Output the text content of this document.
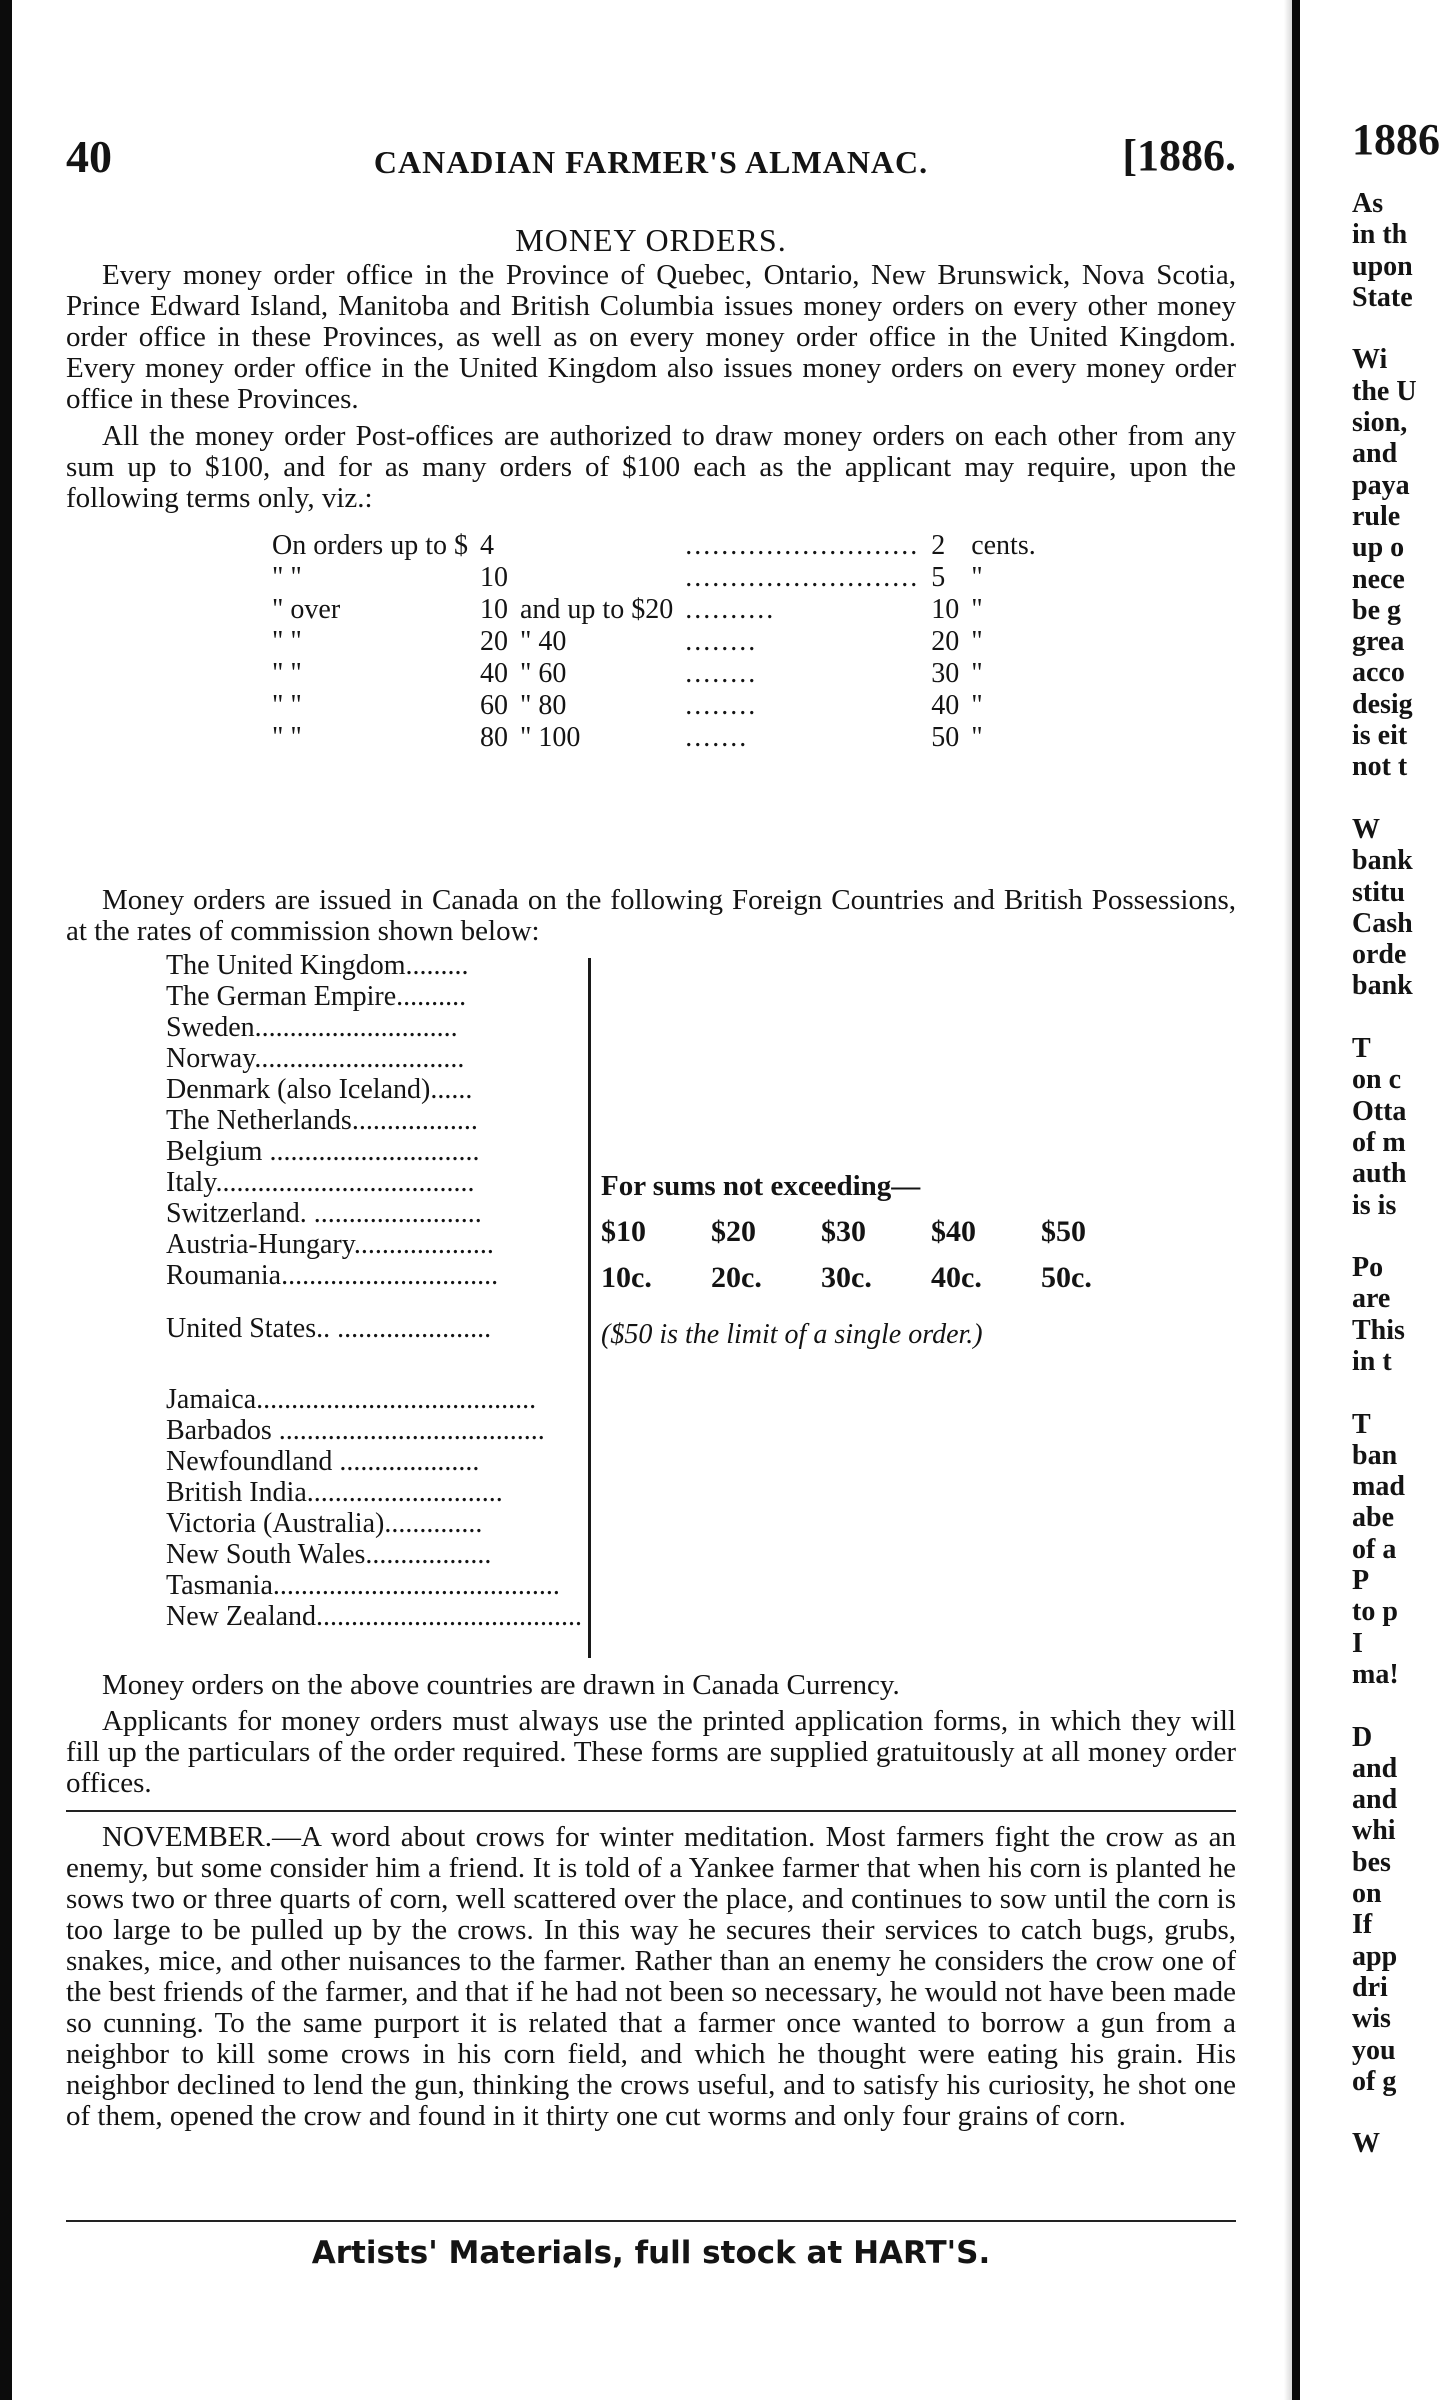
40	CANADIAN FARMER'S ALMANAC.	[1886.
MONEY ORDERS.

Every money order office in the Province of Quebec, Ontario, New Brunswick, Nova Scotia, Prince Edward Island, Manitoba and British Columbia issues money orders on every other money order office in these Provinces, as well as on every money order office in the United Kingdom. Every money order office in the United Kingdom also issues money orders on every money order office in these Provinces.

All the money order Post-offices are authorized to draw money orders on each other from any sum up to $100, and for as many orders of $100 each as the applicant may require, upon the following terms only, viz.:

On orders up to $	4		..........................	2	cents.
" "	10		..........................	5	"
" over	10	and up to $20	..........	10	"
" "	20	" 40	........	20	"
" "	40	" 60	........	30	"
" "	60	" 80	........	40	"
" "	80	" 100	.......	50	"

Money orders are issued in Canada on the following Foreign Countries and British Possessions, at the rates of commission shown below:

The United Kingdom.........
The German Empire..........
Sweden.............................
Norway..............................
Denmark (also Iceland)......
The Netherlands..................
Belgium ..............................
Italy.....................................
Switzerland. ........................
Austria-Hungary....................
Roumania...............................
United States.. ......................
Jamaica........................................
Barbados ......................................
Newfoundland ....................
British India............................
Victoria (Australia)..............
New South Wales..................
Tasmania.........................................
New Zealand......................................
For sums not exceeding—
$10	$20	$30	$40	$50
10c.	20c.	30c.	40c.	50c.
($50 is the limit of a single order.)

Money orders on the above countries are drawn in Canada Currency.

Applicants for money orders must always use the printed application forms, in which they will fill up the particulars of the order required. These forms are supplied gratuitously at all money order offices.

NOVEMBER.—A word about crows for winter meditation. Most farmers fight the crow as an enemy, but some consider him a friend. It is told of a Yankee farmer that when his corn is planted he sows two or three quarts of corn, well scattered over the place, and continues to sow until the corn is too large to be pulled up by the crows. In this way he secures their services to catch bugs, grubs, snakes, mice, and other nuisances to the farmer. Rather than an enemy he considers the crow one of the best friends of the farmer, and that if he had not been so necessary, he would not have been made so cunning. To the same purport it is related that a farmer once wanted to borrow a gun from a neighbor to kill some crows in his corn field, and which he thought were eating his grain. His neighbor declined to lend the gun, thinking the crows useful, and to satisfy his curiosity, he shot one of them, opened the crow and found in it thirty one cut worms and only four grains of corn.

Artists' Materials, full stock at HART'S.
1886
As
in th
upon
State
Wi
the U
sion,
and
paya
rule
up o
nece
be g
grea
acco
desig
is eit
not t
W
bank
stitu
Cash
orde
bank
T
on c
Otta
of m
auth
is is
Po
are
This
in t
T
ban
mad
abe
of a
P
to p
I
ma!
D
and
and
whi
bes
on
If
app
dri
wis
you
of g
W
